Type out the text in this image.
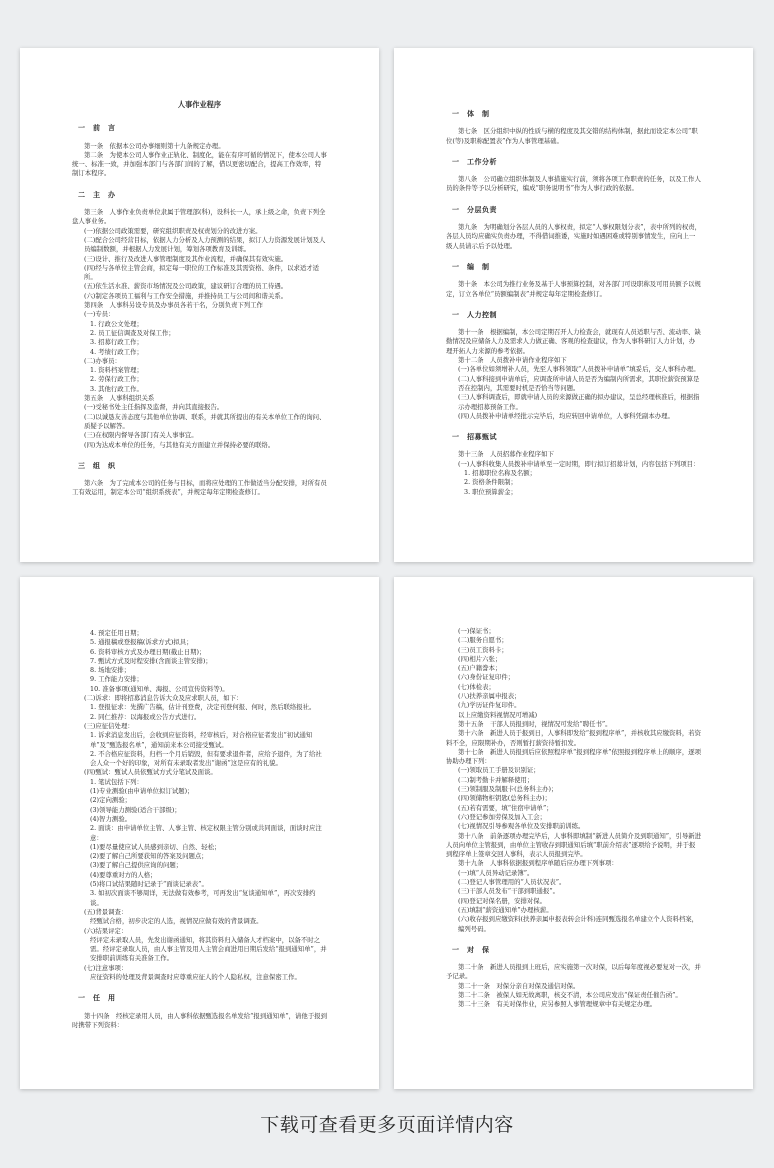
人事作业程序
一　前　言
第一条　依据本公司办事细则第十九条规定办理。
第二条　为使本公司人事作业正轨化、制度化，能在有序可循的情况下，使本公司人事统一、标准一致，并加强本部门与各部门间的了解，借以更密切配合，提高工作效率，特制订本程序。
二　主　办
第三条　人事作业负责单位隶属于管理部(科)，设科长一人，承上级之命，负责下列全盘人事业务。
(一)依据公司政策需要，研究组织职责及权责划分的改进方案。
(二)配合公司经营目标，依据人力分析及人力预测的结果，拟订人力资源发展计划及人员编制数额，并根据人力发展计划，筹划各项教育及训练。
(三)设计、推行及改进人事管理制度及其作业流程，并确保其有效实施。
(四)经与各单位主管会商，拟定每一职位的工作标准及其需资格、条件，以求适才适所。
(五)依生活水准、薪资市场情况及公司政策，建议研订合理的员工待遇。
(六)制定各项员工福利与工作安全措施，并推持员工与公司间和谐关系。
第四条　人事科另设专员及办事员各若干名，分别负责下列工作
(一)专员：
1. 行政公文处理；
2. 员工征信调查及对保工作；
3. 招募行政工作；
4. 考绩行政工作；
(二)办事员：
1. 资料档案管理；
2. 劳保行政工作；
3. 其他行政工作。
第五条　人事科组织关系
(一)受秘书处主任指挥及监督，并向其直接报告。
(二)以诚恳友善态度与其他单位协调、联系，并就其所提出的有关本单位工作的询问、质疑予以解答。
(三)在权限内督导各部门有关人事事宜。
(四)为达成本单位的任务，与其他有关方面建立并保持必要的联络。
三　组　织
第六条　为了完成本公司的任务与目标，而将应处理的工作做适当分配安排，对所有员工有效运用，制定本公司“组织系统表”，并规定每年定期检查修订。
一　体　制
第七条　区分组织中纵的性质与横的程度及其交错的结构体制，据此而设定本公司“职位(等)及职称配置表”作为人事管理基础。
一　工作分析
第八条　公司确立组织体制及人事措施实行前，须将各项工作职责的任务，以及工作人员的条件等予以分析研究，编成“职务说明书”作为人事行政的依据。
一　分层负责
第九条　为明确划分各层人员的人事权责，拟定“人事权限划分表”，表中所列的权责，各层人员均应确实负责办理，不得借词推诿，实施时如遇困难或特别事情发生，应向上一级人员请示后予以处理。
一　编　制
第十条　本公司为推行业务及基于人事预算控制，对各部门可设职称及可用员额予以规定，订立各单位“员额编制表”并规定每年定期检查修订。
一　人力控制
第十一条　根据编制，本公司定期召开人力检查会，就现有人员适职与否、流动率、缺勤情况及应储备人力及需求人力做正确、客观的检查建议，作为人事科研订人力计划，办理开拓人力来源的参考依据。
第十二条　人员拨补申请作业程序如下
(一)各单位如须增补人员，先至人事科领取“人员拨补申请单”填妥后，交人事科办理。
(二)人事科接到申请单后，应调查所申请人员是否为编制内所需求，其职位薪资预算是否在控制内，其需要时机是否恰当等问题。
(三)人事科调查后，即就申请人员的来源做正确的拟办建议，呈总经理核准后，根据指示办理招募预备工作。
(四)人员拨补申请单经批示完毕后，均应转回申请单位，人事科凭副本办理。
一　招募甄试
第十三条　人员招募作业程序如下
(一)人事科收集人员拨补申请单至一定时期，即行拟订招募计划，内容包括下列项目：
1. 招募职位名称及名额；
2. 资格条件限制；
3. 职位预算薪金；
4. 预定任用日期；
5. 通报稿或登报稿(诉求方式)拟具；
6. 资料审核方式及办理日期(截止日期)；
7. 甄试方式及时程安排(含面谈主管安排)；
8. 场地安排；
9. 工作能力安排；
10. 准备事项(通知单、海报、公司宣传资料等)。
(二)诉求：即将招募消息告诉大众及应求职人员，如下：
1. 登报征求：先撰广告稿，估计刊登费，决定刊登何报、何时，然后联络报社。
2. 同仁推荐：以海报或公告方式进行。
(三)应征信处理：
1. 诉求消息发出后，会收到应征资料，经审核后，对合格应征者发出“初试通知单”及“甄选报名单”，通知前来本公司接受甄试。
2. 不合格应征资料，归档一个月后销毁，但有要求退件者，应给予退件，为了给社会人众一个好的印象，对所有未录取者发出“谢函”这是应有的礼貌。
(四)甄试：甄试人员依甄试方式分笔试及面谈。
1. 笔试包括下列：
(1)专业测验(由申请单位拟订试题)；
(2)定向测验；
(3)领导能力测验(适合干部级)；
(4)智力测验。
2. 面谈：由申请单位主管、人事主管、核定权限主管分别或共同面谈，面谈时应注意：
(1)要尽量使应试人员感到亲切、自然、轻松；
(2)要了解自己所要获知的答案及问题点；
(3)要了解自己提供应询的问题；
(4)要尊重对方的人格；
(5)将口试结果随时记录于“面谈记录表”。
3. 如初次面谈不够周详，无法做有效参考，可再发出“复谈通知单”，再次安排约谈。
(五)背景调查：
经甄试合格，初步决定的人选，视情况应做有效的背景调查。
(六)结果评定：
经评定未录取人员，先发出谢函通知，将其资料归入储备人才档案中，以备不时之需。经评定录取人员，由人事主管及用人主管会商进用日期后发给“报到通知单”，并安排职前训练有关准备工作。
(七)注意事项：
应征资料的处理及背景调查时应尊重应征人的个人隐私权，注意保密工作。
一　任　用
第十四条　经核定录用人员，由人事科依据甄选报名单发给“报到通知单”，请他于报到时携带下列资料：
(一)保证书；
(二)服务自愿书；
(三)员工资料卡；
(四)相片六张；
(五)户籍誊本；
(六)身份证复印件；
(七)体检表；
(八)扶养亲属申报表；
(九)学历证件复印件。
以上应缴资料视情况可增减)
第十五条　干部人员报到时，视情况可发给“聘任书”。
第十六条　新进人员于报到日，人事科即发给“报到程序单”，并核收其应缴资料，若资料不全，应限期补办，否则暂打薪资待暂扣发。
第十七条　新进人员报到后应依照程序单“报到程序单”依照报到程序单上的顺序，逐项协助办理下列：
(一)领取员工手册及识别证；
(二)制考勤卡并解释使用；
(三)领制服及制服卡(总务科主办)；
(四)领储物柜钥匙(总务科主办)；
(五)若有需要，填“住宿申请单”；
(六)登记参加劳保及加入工会；
(七)视情况引导参观各单位及安排职前训练。
第十八条　前条逐项办理完毕后，人事科即填制“新进人员简介及到职通知”，引导新进人员向单位主管报到，由单位主管收存到职通知后填“职前介绍表”逐项给予说明，并于报到程序单上签章交回人事科，表示人员报到完毕。
第十九条　人事科依据报到程序单随后应办理下列事项：
(一)填“人员异动记录簿”。
(二)登记人事管理用的“人员状况表”。
(三)干部人员发布“干部到职通报”。
(四)登记对保名册，安排对保。
(五)填制“薪资通知单”办理核薪。
(六)收存报到应缴资料(扶养亲属申报表转会计科)连同甄选报名单建立个人资料档案，编列号码。
一　对　保
第二十条　新进人员报到上班后，应实施第一次对保，以后每年度视必要复对一次，并予记录。
第二十一条　对保分亲自对保及通信对保。
第二十二条　被保人如无故离职，核交不清，本公司应发出“保证责任催告函”。
第二十三条　有关对保作业，应另参照人事管理规章中有关规定办理。
下载可查看更多页面详情内容
